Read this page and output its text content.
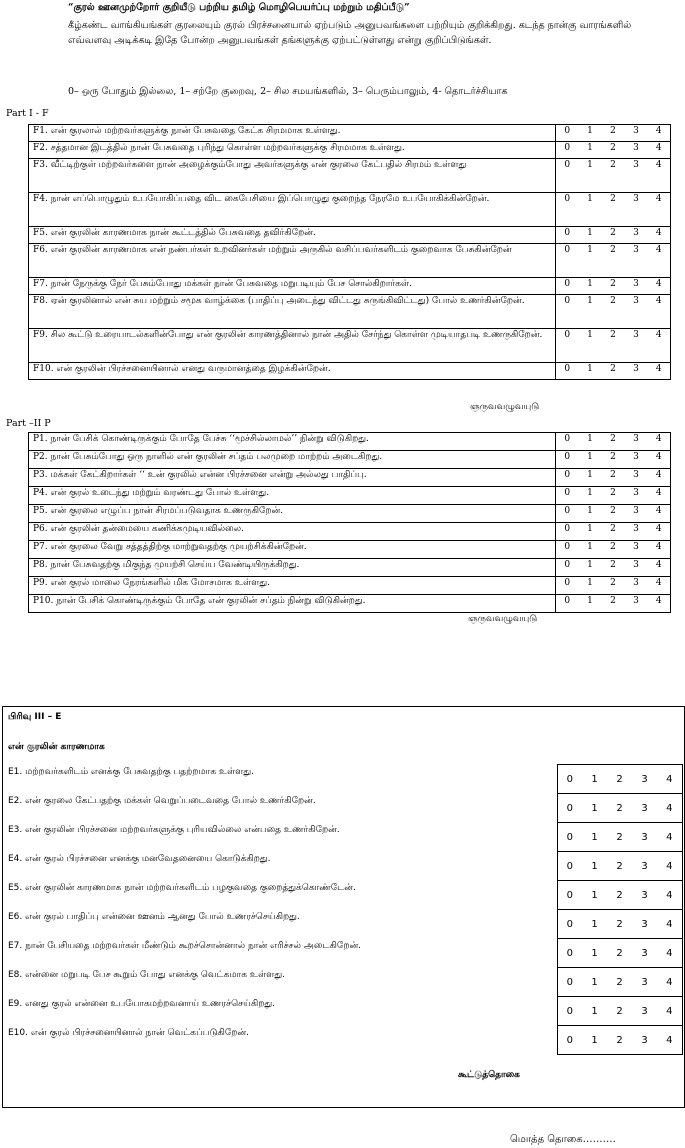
“குரல் ஊனமுற்றோர் குறியீடு பற்றிய தமிழ் மொழிபெயர்ப்பு மற்றும் மதிப்பீடு”
கீழ்கண்ட வாங்கியங்கள் குரலையும் குரல் பிரச்சனையால் ஏற்படும் அனுபவங்களை பற்றியும் குறிக்கிறது. கடந்த நான்கு வாரங்களில் எவ்வளவு அடிக்கடி இதே போன்ற அனுபவங்கள் தங்களுக்கு ஏற்பட்டுள்ளது என்று குறிப்பிடுங்கள்.
0– ஒரு போதும் இல்லை, 1– சற்றே குறைவு, 2– சில சமயங்களில், 3– பெரும்பாலும், 4- தொடர்ச்சியாக
Part I - F
F1. என் குரலால் மற்றவர்களுக்கு நான் பேசுவதை கேட்க சிரமமாக உள்ளது.	0	1	2	3	4
F2. சத்தமான இடத்தில் நான் பேசுவதை புரிந்து கொள்ள மற்றவர்களுக்கு சிரமமாக உள்ளது.	0	1	2	3	4
F3. வீட்டிற்குள் மற்றவர்களை நான் அழைக்கும்போது அவர்களுக்கு என் குரலை கேட்பதில் சிரமம் உள்ளது	0	1	2	3	4
F4. நான் எப்பொழுதும் உபயோகிப்பதை விட கைபேசியை இப்பொழுது குறைந்த நேரமே உபயோகிக்கின்றேன்.	0	1	2	3	4
F5. என் குரலின் காரணமாக நான் கூட்டத்தில் பேசுவதை தவிர்கிறேன்.	0	1	2	3	4
F6. என் குரலின் காரணமாக என் நண்பர்கள் உறவினர்கள் மற்றும் அருகில் வசிப்பவர்களிடம் குறைவாக பேசுகின்றேன்	0	1	2	3	4
F7. நான் நேருக்கு நேர் பேசும்போது மக்கள் நான் பேசுவதை மறுபடியும் பேச சொல்கிறார்கள்.	0	1	2	3	4
F8. ஏன் குரலினால் என் சுய மற்றும் சமூக வாழ்க்கை (பாதிப்பு அடைந்து விட்டது சுருங்கிவிட்டது) போல் உணர்கின்றேன்.	0	1	2	3	4
F9. சில கூட்டு உரையாடல்களின்போது என் குரலின் காரணத்தினால் நான் அதில் சேர்ந்து கொள்ள முடியாதபடி உணருகிறேன்.	0	1	2	3	4
F10. என் குரலின் பிரச்சனையினால் எனது வருமானத்தை இழக்கின்றேன்.	0	1	2	3	4
ஞருவவழுவயுடு
Part –II P
P1. நான் பேசிக் கொண்டிருக்கும் போதே பேச்சு ‘‘மூச்சில்லாமல்’’ நின்று விடுகிறது.	0	1	2	3	4
P2. நான் பேசும்போது ஒரு நாளில் என் குரலின் சப்தம் பலமுறை மாற்றம் அடைகிறது.	0	1	2	3	4
P3. மக்கள் கேட்கிறார்கள் ‘‘ உன் குரலில் என்ன பிரச்சனை என்று அல்லது பாதிப்பு.	0	1	2	3	4
P4. என் குரல் உடைந்து மற்றும் வரண்டது போல் உள்ளது.	0	1	2	3	4
P5. என் குரலை எழுப்ப நான் சிரமப்படுவதாக உணருகிறேன்.	0	1	2	3	4
P6. என் குரலின் தன்மையை கணிக்கமுடியவில்லை.	0	1	2	3	4
P7. என் குரலை வேறு சத்தத்திற்கு மாற்றுவதற்கு முயற்சிக்கின்றேன்.	0	1	2	3	4
P8. நான் பேசுவதற்கு மிகுந்த முயற்சி செய்ய வேண்டியிருக்கிறது.	0	1	2	3	4
P9. என் குரல் மாலை நேரங்களில் மிக மோசமாக உள்ளது.	0	1	2	3	4
P10. நான் பேசிக் கொண்டிருக்கும் போதே என் குரலின் சப்தம் நின்று விடுகின்றது.	0	1	2	3	4
ஞருவவழுவயுடு
பிரிவு III – E
என் குரலின் காரணமாக
E1. மற்றவர்களிடம் எனக்கு பேசுவதற்கு பதற்றமாக உள்ளது.	0	1	2	3	4
E2. என் குரலை கேட்பதற்கு மக்கள் வெறுப்படைவதை போல் உணர்கிறேன்.	0	1	2	3	4
E3. என் குரலின் பிரச்சனை மற்றவர்களுக்கு புரியவில்லை என்பதை உணர்கிறேன்.	0	1	2	3	4
E4. என் குரல் பிரச்சனை எனக்கு மனவேதனையை கொடுக்கிறது.	0	1	2	3	4
E5. என் குரலின் காரணமாக நான் மற்றவர்களிடம் பழகுவதை குறைத்துக்கொண்டேன்.	0	1	2	3	4
E6. என் குரல் பாதிப்பு என்னை ஊனம் ஆனது போல் உணரச்செய்கிறது.	0	1	2	3	4
E7. நான் பேசியதை மற்றவர்கள் மீண்டும் கூறச்சொன்னால் நான் எரிச்சல் அடைகிறேன்.	0	1	2	3	4
E8. என்னை மறுபடி பேச கூறும் போது எனக்கு வெட்கமாக உள்ளது.	0	1	2	3	4
E9. எனது குரல் என்னை உபயோகமற்றவனாய் உணரச்செய்கிறது.	0	1	2	3	4
E10. என் குரல் பிரச்சனையினால் நான் வெட்கப்படுகிறேன்.	0	1	2	3	4
கூட்டுத்தொகை
மொத்த தொகை……….
